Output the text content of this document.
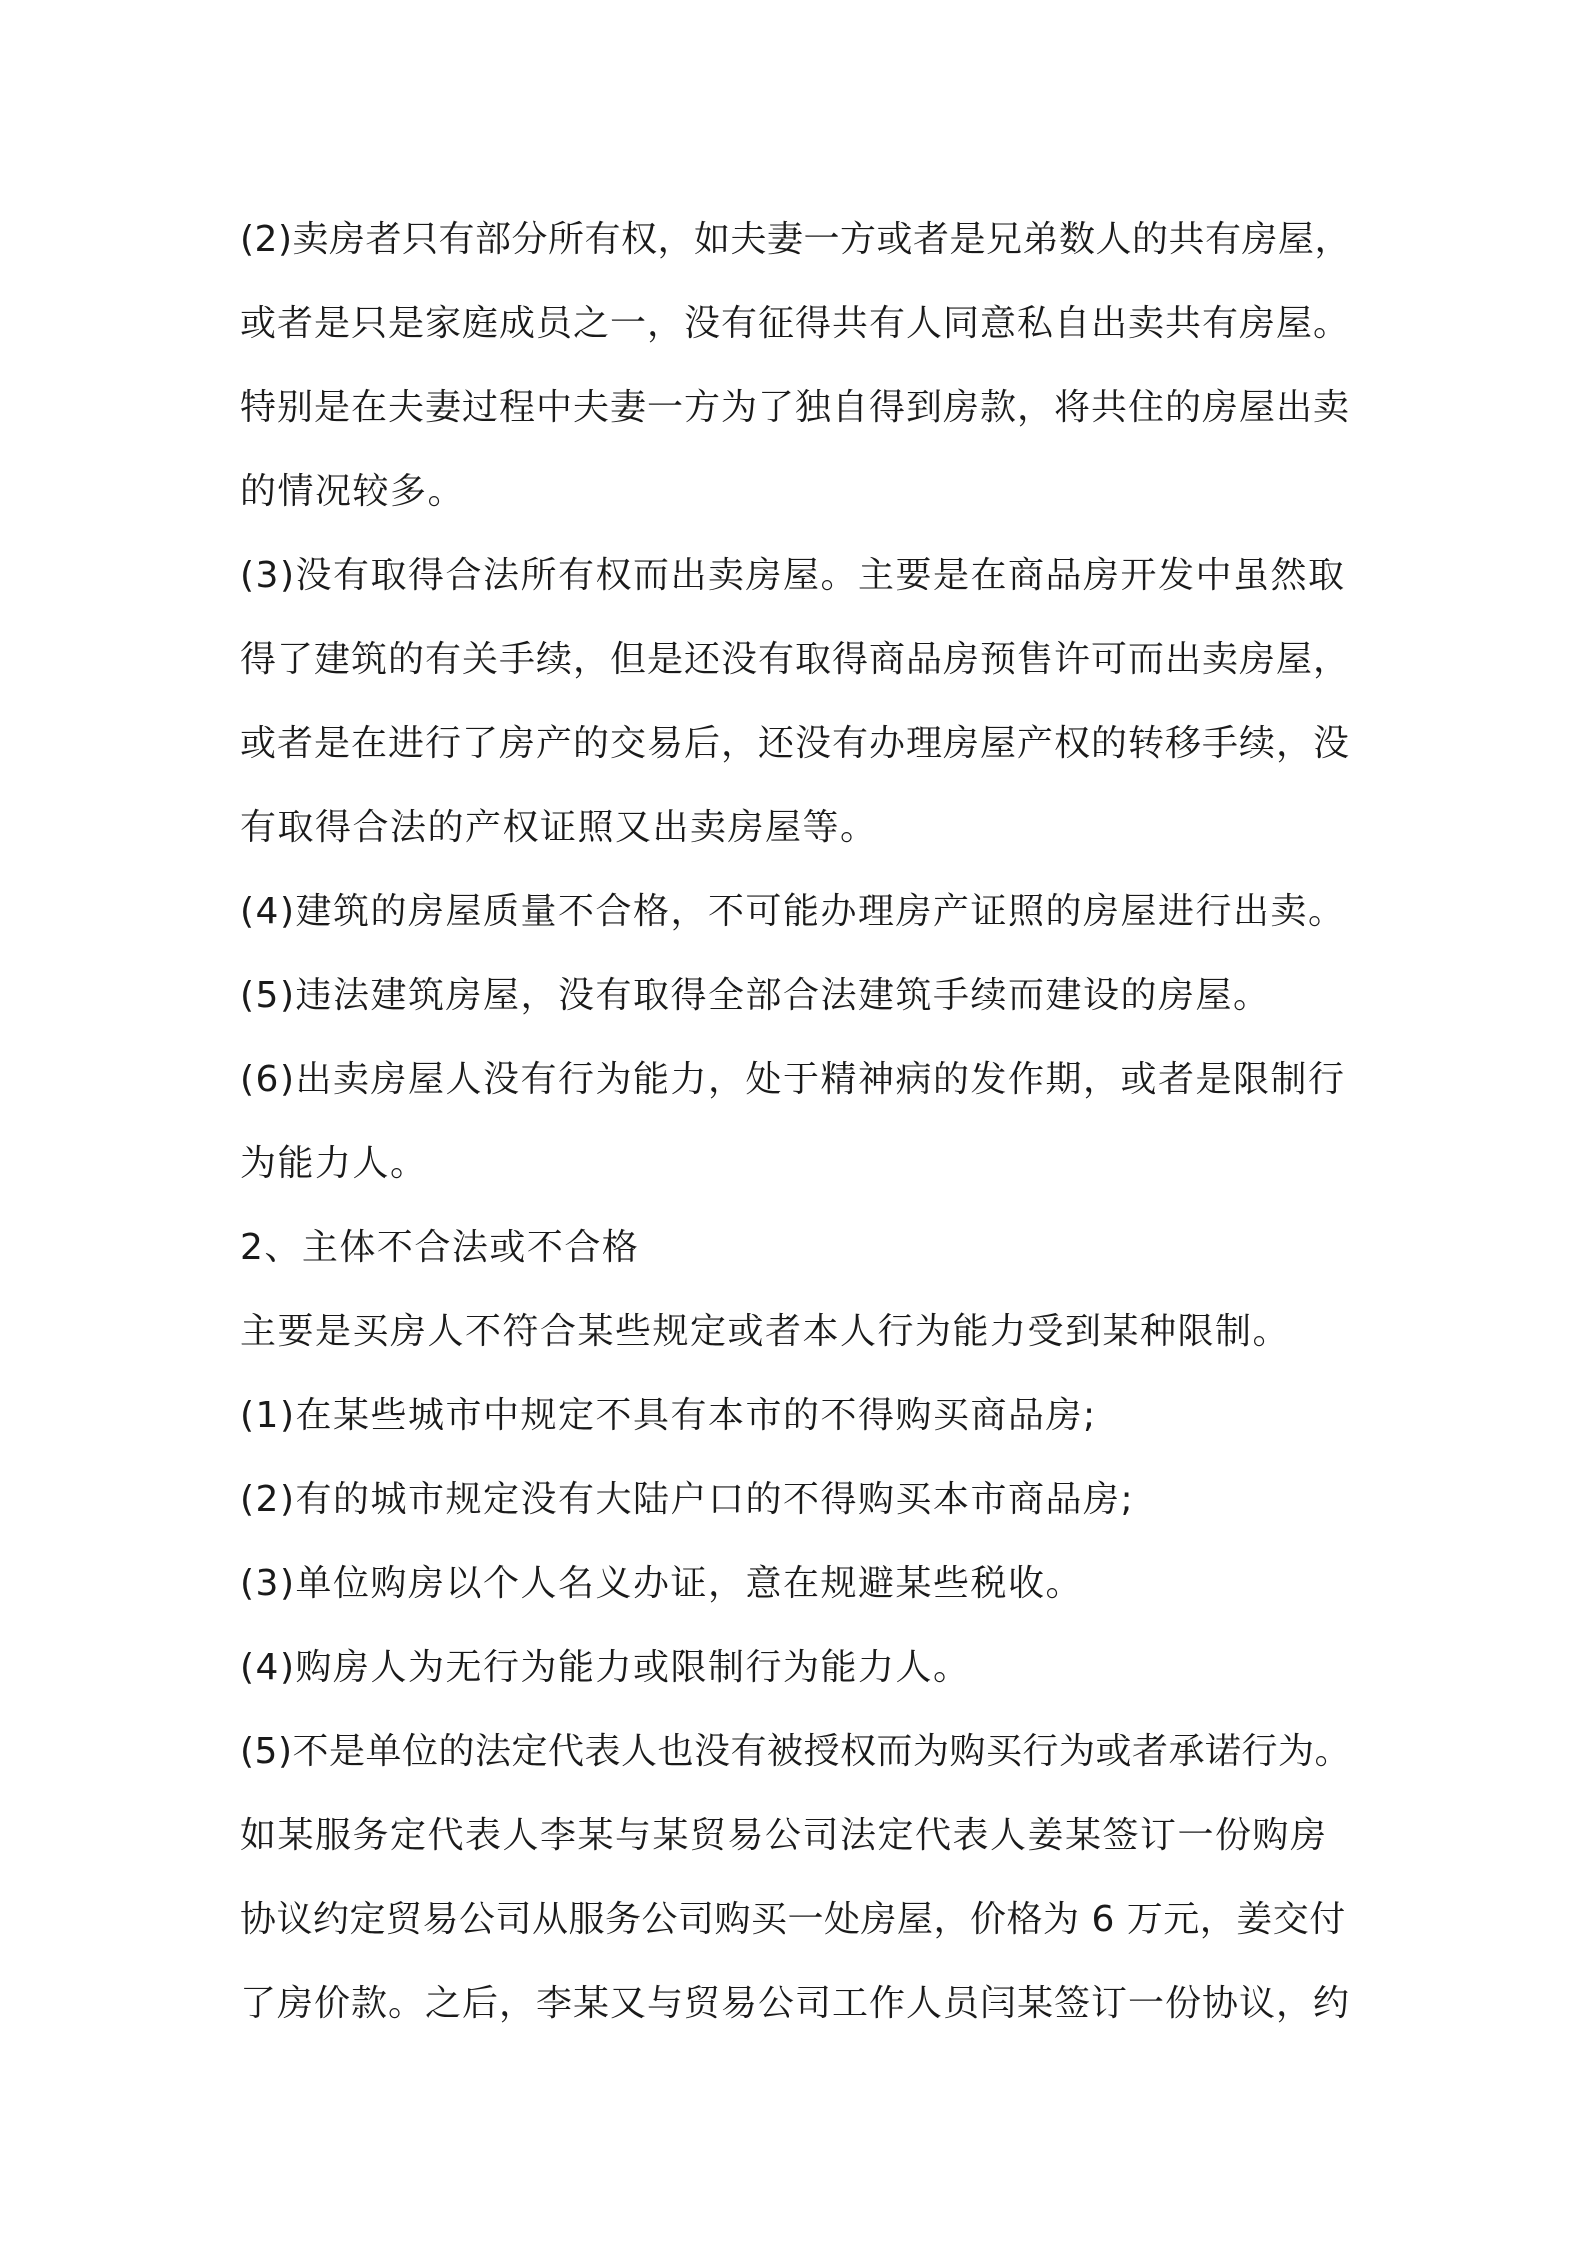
(2)卖房者只有部分所有权，如夫妻一方或者是兄弟数人的共有房屋，
或者是只是家庭成员之一，没有征得共有人同意私自出卖共有房屋。
特别是在夫妻过程中夫妻一方为了独自得到房款，将共住的房屋出卖
的情况较多。
(3)没有取得合法所有权而出卖房屋。主要是在商品房开发中虽然取
得了建筑的有关手续，但是还没有取得商品房预售许可而出卖房屋，
或者是在进行了房产的交易后，还没有办理房屋产权的转移手续，没
有取得合法的产权证照又出卖房屋等。
(4)建筑的房屋质量不合格，不可能办理房产证照的房屋进行出卖。
(5)违法建筑房屋，没有取得全部合法建筑手续而建设的房屋。
(6)出卖房屋人没有行为能力，处于精神病的发作期，或者是限制行
为能力人。
2、主体不合法或不合格
主要是买房人不符合某些规定或者本人行为能力受到某种限制。
(1)在某些城市中规定不具有本市的不得购买商品房;
(2)有的城市规定没有大陆户口的不得购买本市商品房;
(3)单位购房以个人名义办证，意在规避某些税收。
(4)购房人为无行为能力或限制行为能力人。
(5)不是单位的法定代表人也没有被授权而为购买行为或者承诺行为。
如某服务定代表人李某与某贸易公司法定代表人姜某签订一份购房
协议约定贸易公司从服务公司购买一处房屋，价格为 6 万元，姜交付
了房价款。之后，李某又与贸易公司工作人员闫某签订一份协议，约
